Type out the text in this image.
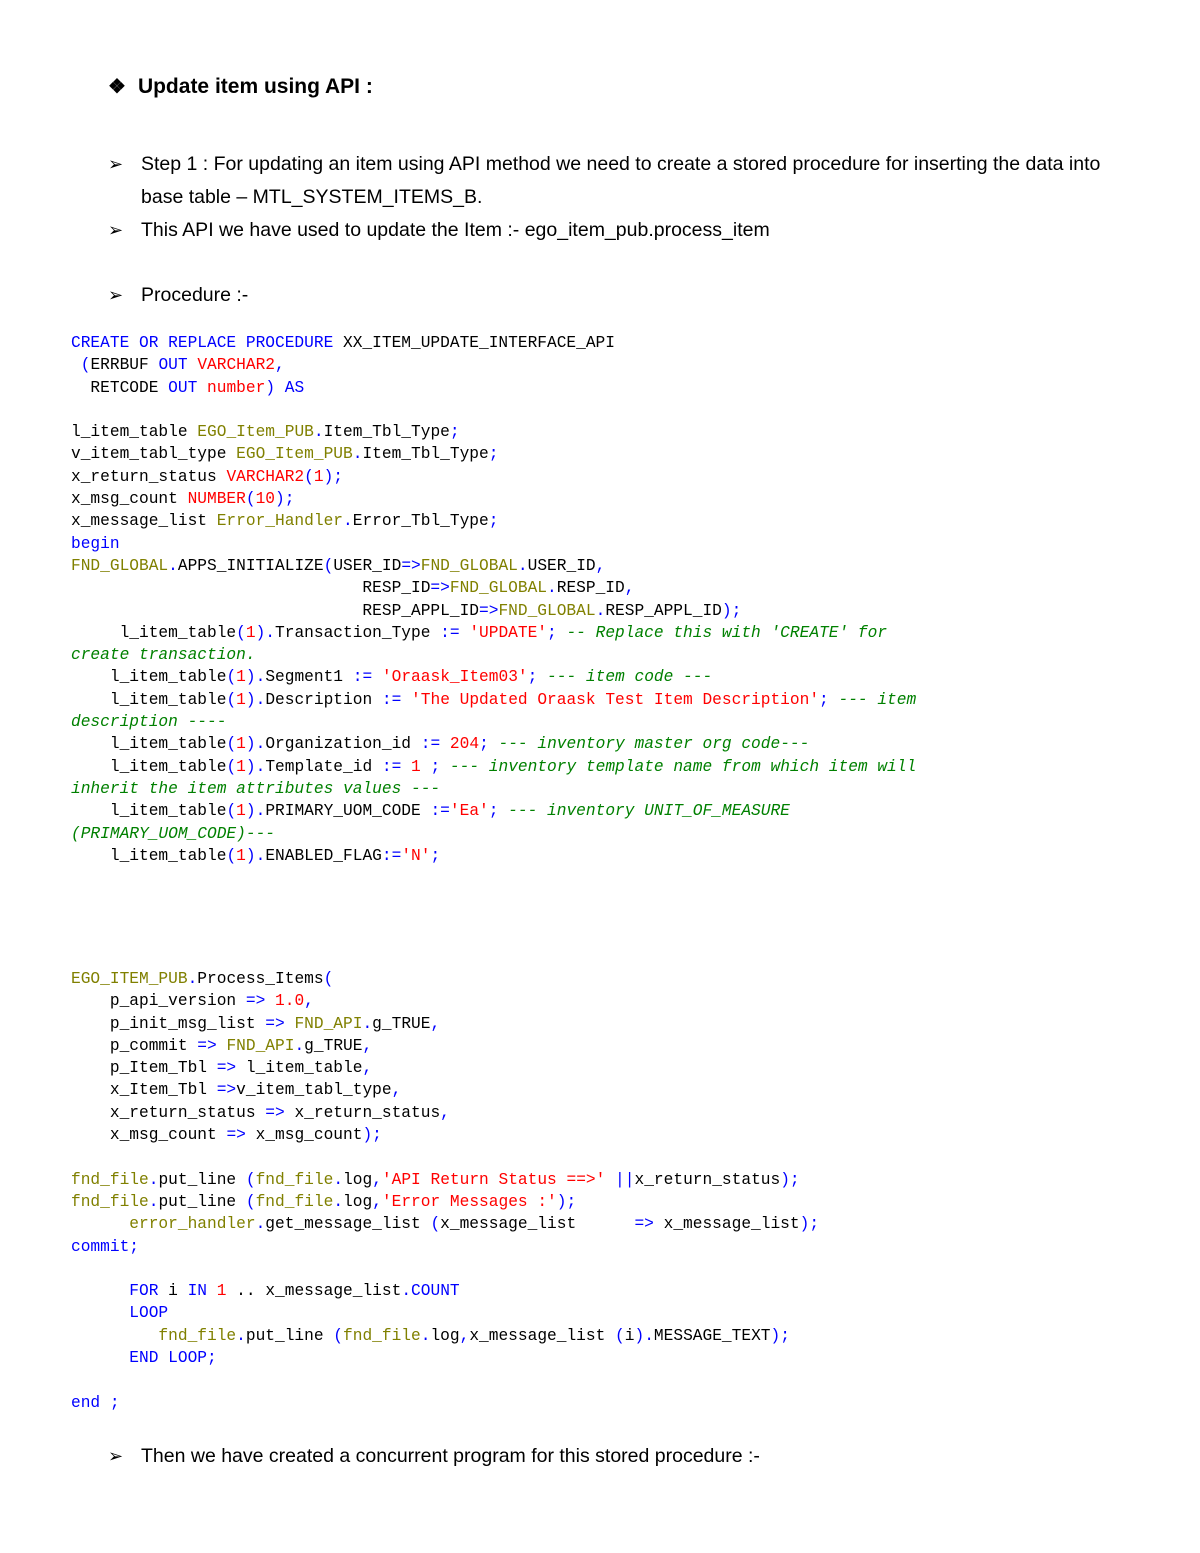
❖ Update item using API :
➢ Step 1 : For updating an item using API method we need to create a stored procedure for inserting the data into base table – MTL_SYSTEM_ITEMS_B.
➢ This API we have used to update the Item :- ego_item_pub.process_item
➢ Procedure :-
CREATE OR REPLACE PROCEDURE XX_ITEM_UPDATE_INTERFACE_API
(ERRBUF OUT VARCHAR2,
RETCODE OUT number) AS

l_item_table EGO_Item_PUB.Item_Tbl_Type;
v_item_tabl_type EGO_Item_PUB.Item_Tbl_Type;
x_return_status VARCHAR2(1);
x_msg_count NUMBER(10);
x_message_list Error_Handler.Error_Tbl_Type;
begin
FND_GLOBAL.APPS_INITIALIZE(USER_ID=>FND_GLOBAL.USER_ID,
RESP_ID=>FND_GLOBAL.RESP_ID,
RESP_APPL_ID=>FND_GLOBAL.RESP_APPL_ID);
l_item_table(1).Transaction_Type := 'UPDATE'; -- Replace this with 'CREATE' for
create transaction.
l_item_table(1).Segment1 := 'Oraask_Item03'; --- item code ---
l_item_table(1).Description := 'The Updated Oraask Test Item Description'; --- item
description ----
l_item_table(1).Organization_id := 204; --- inventory master org code---
l_item_table(1).Template_id := 1 ; --- inventory template name from which item will
inherit the item attributes values ---
l_item_table(1).PRIMARY_UOM_CODE :='Ea'; --- inventory UNIT_OF_MEASURE
(PRIMARY_UOM_CODE)---
l_item_table(1).ENABLED_FLAG:='N';
EGO_ITEM_PUB.Process_Items(
p_api_version => 1.0,
p_init_msg_list => FND_API.g_TRUE,
p_commit => FND_API.g_TRUE,
p_Item_Tbl => l_item_table,
x_Item_Tbl =>v_item_tabl_type,
x_return_status => x_return_status,
x_msg_count => x_msg_count);

fnd_file.put_line (fnd_file.log,'API Return Status ==>' ||x_return_status);
fnd_file.put_line (fnd_file.log,'Error Messages :');
error_handler.get_message_list (x_message_list      => x_message_list);
commit;

FOR i IN 1 .. x_message_list.COUNT
LOOP
fnd_file.put_line (fnd_file.log,x_message_list (i).MESSAGE_TEXT);
END LOOP;

end ;
➢ Then we have created a concurrent program for this stored procedure :-
